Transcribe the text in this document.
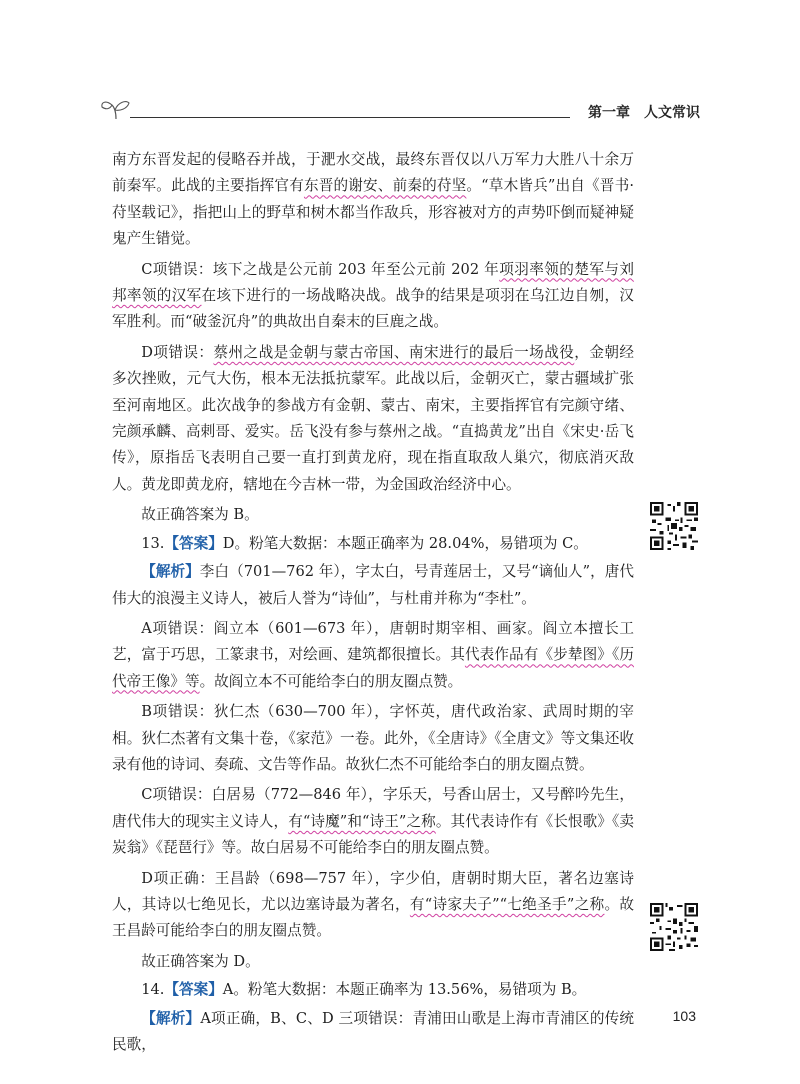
第一章 人文常识

南方东晋发起的侵略吞并战，于淝水交战，最终东晋仅以八万军力大胜八十余万前秦军。此战的主要指挥官有东晋的谢安、前秦的苻坚。“草木皆兵”出自《晋书·苻坚载记》，指把山上的野草和树木都当作敌兵，形容被对方的声势吓倒而疑神疑鬼产生错觉。

C项错误：垓下之战是公元前 203 年至公元前 202 年项羽率领的楚军与刘邦率领的汉军在垓下进行的一场战略决战。战争的结果是项羽在乌江边自刎，汉军胜利。而“破釜沉舟”的典故出自秦末的巨鹿之战。

D项错误：蔡州之战是金朝与蒙古帝国、南宋进行的最后一场战役，金朝经多次挫败，元气大伤，根本无法抵抗蒙军。此战以后，金朝灭亡，蒙古疆域扩张至河南地区。此次战争的参战方有金朝、蒙古、南宋，主要指挥官有完颜守绪、完颜承麟、高剌哥、爱实。岳飞没有参与蔡州之战。“直捣黄龙”出自《宋史·岳飞传》，原指岳飞表明自己要一直打到黄龙府，现在指直取敌人巢穴，彻底消灭敌人。黄龙即黄龙府，辖地在今吉林一带，为金国政治经济中心。

故正确答案为 B。

13.【答案】D。粉笔大数据：本题正确率为 28.04%，易错项为 C。

【解析】李白（701—762 年），字太白，号青莲居士，又号“谪仙人”，唐代伟大的浪漫主义诗人，被后人誉为“诗仙”，与杜甫并称为“李杜”。

A项错误：阎立本（601—673 年），唐朝时期宰相、画家。阎立本擅长工艺，富于巧思，工篆隶书，对绘画、建筑都很擅长。其代表作品有《步辇图》《历代帝王像》等。故阎立本不可能给李白的朋友圈点赞。

B项错误：狄仁杰（630—700 年），字怀英，唐代政治家、武周时期的宰相。狄仁杰著有文集十卷，《家范》一卷。此外，《全唐诗》《全唐文》等文集还收录有他的诗词、奏疏、文告等作品。故狄仁杰不可能给李白的朋友圈点赞。

C项错误：白居易（772—846 年），字乐天，号香山居士，又号醉吟先生，唐代伟大的现实主义诗人，有“诗魔”和“诗王”之称。其代表诗作有《长恨歌》《卖炭翁》《琵琶行》等。故白居易不可能给李白的朋友圈点赞。

D项正确：王昌龄（698—757 年），字少伯，唐朝时期大臣，著名边塞诗人，其诗以七绝见长，尤以边塞诗最为著名，有“诗家夫子”“七绝圣手”之称。故王昌龄可能给李白的朋友圈点赞。

故正确答案为 D。

14.【答案】A。粉笔大数据：本题正确率为 13.56%，易错项为 B。

【解析】A项正确，B、C、D 三项错误：青浦田山歌是上海市青浦区的传统民歌，

103
